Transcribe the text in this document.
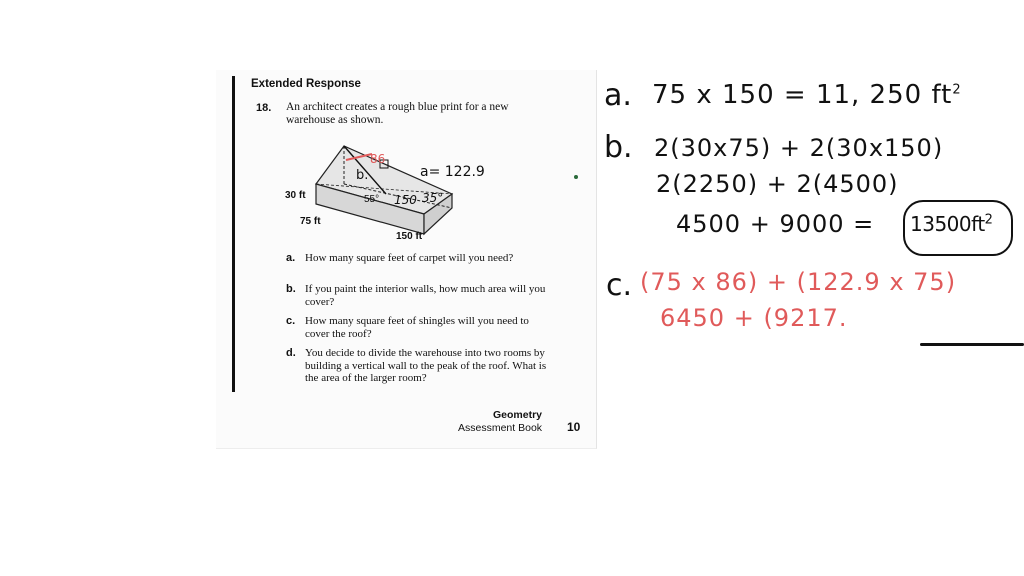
Extended Response
18. An architect creates a rough blue print for a new warehouse as shown.
86
b.	a= 122.9
55° 150 35°
30 ft
75 ft
150 ft
a. How many square feet of carpet will you need?
b. If you paint the interior walls, how much area will you cover?
c. How many square feet of shingles will you need to cover the roof?
d. You decide to divide the warehouse into two rooms by building a vertical wall to the peak of the roof. What is the area of the larger room?
Geometry
Assessment Book 10
a. 75 x 150 = 11, 250 $ft^2$
b. 2(30x75) + 2(30x150)
2(2250) + 2(4500)
$4500 + 9000 = 13500ft^2$
c. (75 x 86) + (122.9 x 75)
6450 + (9217.
